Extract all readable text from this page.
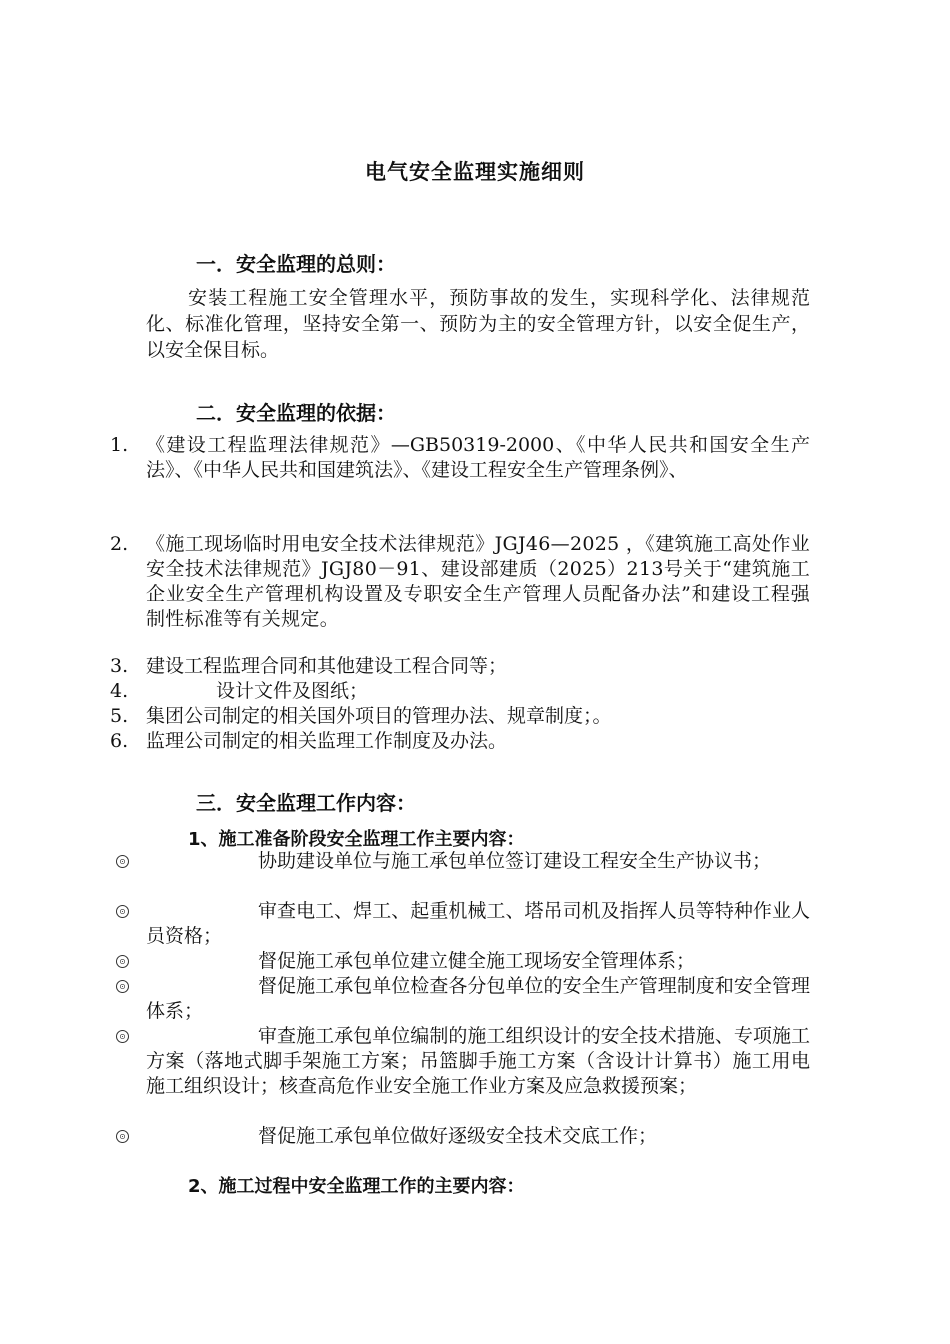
电气安全监理实施细则
一．安全监理的总则：
安装工程施工安全管理水平，预防事故的发生，实现科学化、法律规范化、标准化管理，坚持安全第一、预防为主的安全管理方针，以安全促生产，以安全保目标。
二．安全监理的依据：
1. 《建设工程监理法律规范》—GB50319-2000、《中华人民共和国安全生产法》、《中华人民共和国建筑法》、《建设工程安全生产管理条例》、
2. 《施工现场临时用电安全技术法律规范》JGJ46—2025 ，《建筑施工高处作业安全技术法律规范》JGJ80－91、建设部建质（2025）213号关于“建筑施工企业安全生产管理机构设置及专职安全生产管理人员配备办法”和建设工程强制性标准等有关规定。
3. 建设工程监理合同和其他建设工程合同等；
4.	设计文件及图纸；
5. 集团公司制定的相关国外项目的管理办法、规章制度；。
6. 监理公司制定的相关监理工作制度及办法。
三．安全监理工作内容：
1、施工准备阶段安全监理工作主要内容：
⊙	协助建设单位与施工承包单位签订建设工程安全生产协议书；
⊙	审查电工、焊工、起重机械工、塔吊司机及指挥人员等特种作业人员资格；
⊙	督促施工承包单位建立健全施工现场安全管理体系；
⊙	督促施工承包单位检查各分包单位的安全生产管理制度和安全管理体系；
⊙	审查施工承包单位编制的施工组织设计的安全技术措施、专项施工方案（落地式脚手架施工方案；吊篮脚手施工方案（含设计计算书）施工用电施工组织设计；核查高危作业安全施工作业方案及应急救援预案；
⊙	督促施工承包单位做好逐级安全技术交底工作；
2、施工过程中安全监理工作的主要内容：
